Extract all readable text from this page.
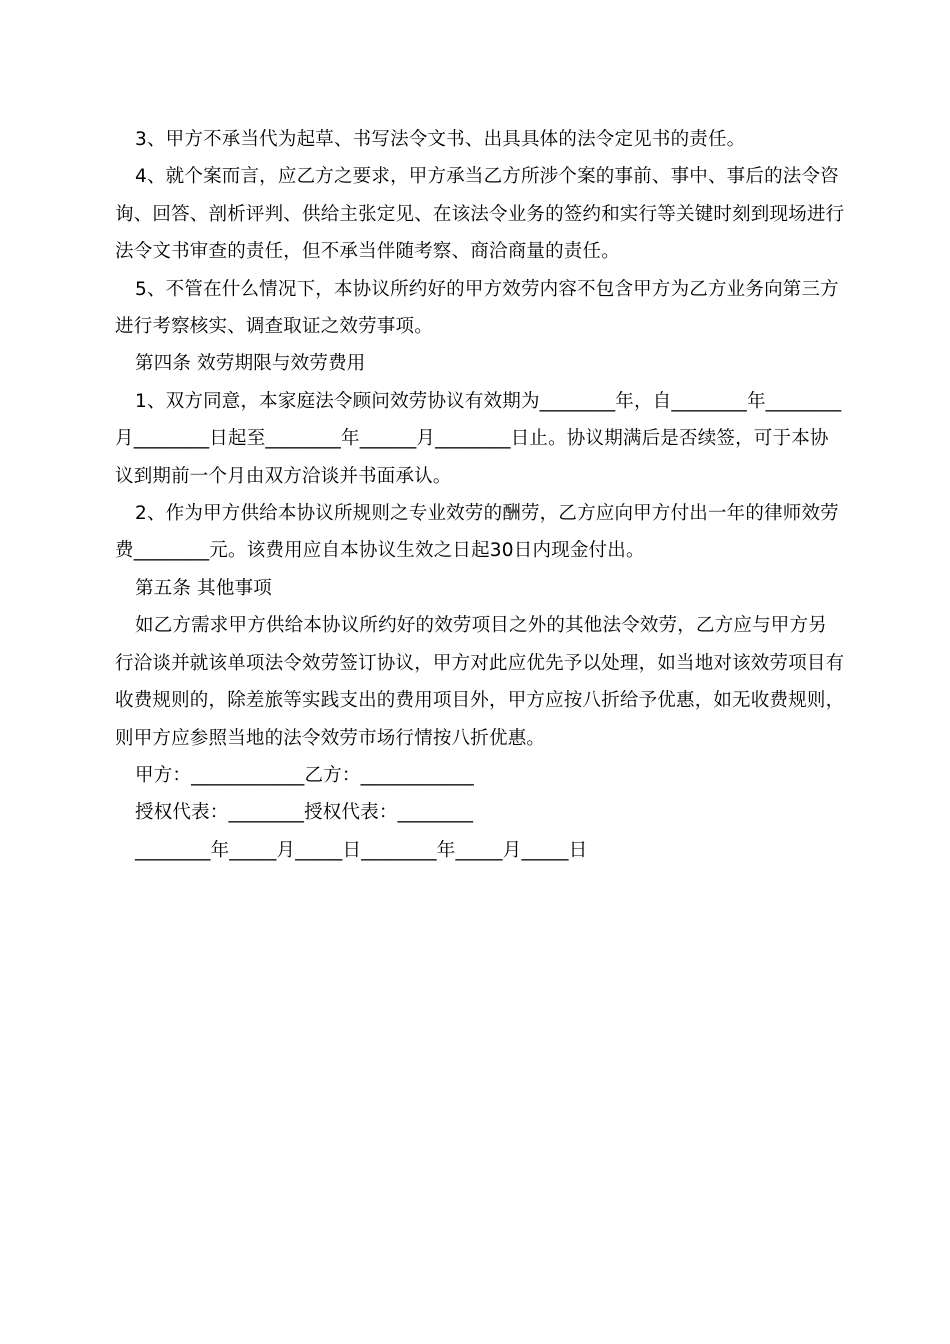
3、甲方不承当代为起草、书写法令文书、出具具体的法令定见书的责任。

4、就个案而言，应乙方之要求，甲方承当乙方所涉个案的事前、事中、事后的法令咨询、回答、剖析评判、供给主张定见、在该法令业务的签约和实行等关键时刻到现场进行法令文书审查的责任，但不承当伴随考察、商洽商量的责任。

5、不管在什么情况下，本协议所约好的甲方效劳内容不包含甲方为乙方业务向第三方进行考察核实、调查取证之效劳事项。

第四条 效劳期限与效劳费用

1、双方同意，本家庭法令顾问效劳协议有效期为________年，自________年________月________日起至________年______月________日止。协议期满后是否续签，可于本协议到期前一个月由双方洽谈并书面承认。

2、作为甲方供给本协议所规则之专业效劳的酬劳，乙方应向甲方付出一年的律师效劳费________元。该费用应自本协议生效之日起30日内现金付出。

第五条 其他事项

如乙方需求甲方供给本协议所约好的效劳项目之外的其他法令效劳，乙方应与甲方另行洽谈并就该单项法令效劳签订协议，甲方对此应优先予以处理，如当地对该效劳项目有收费规则的，除差旅等实践支出的费用项目外，甲方应按八折给予优惠，如无收费规则，则甲方应参照当地的法令效劳市场行情按八折优惠。

甲方：____________乙方：____________

授权代表：________授权代表：________

________年_____月_____日________年_____月_____日
